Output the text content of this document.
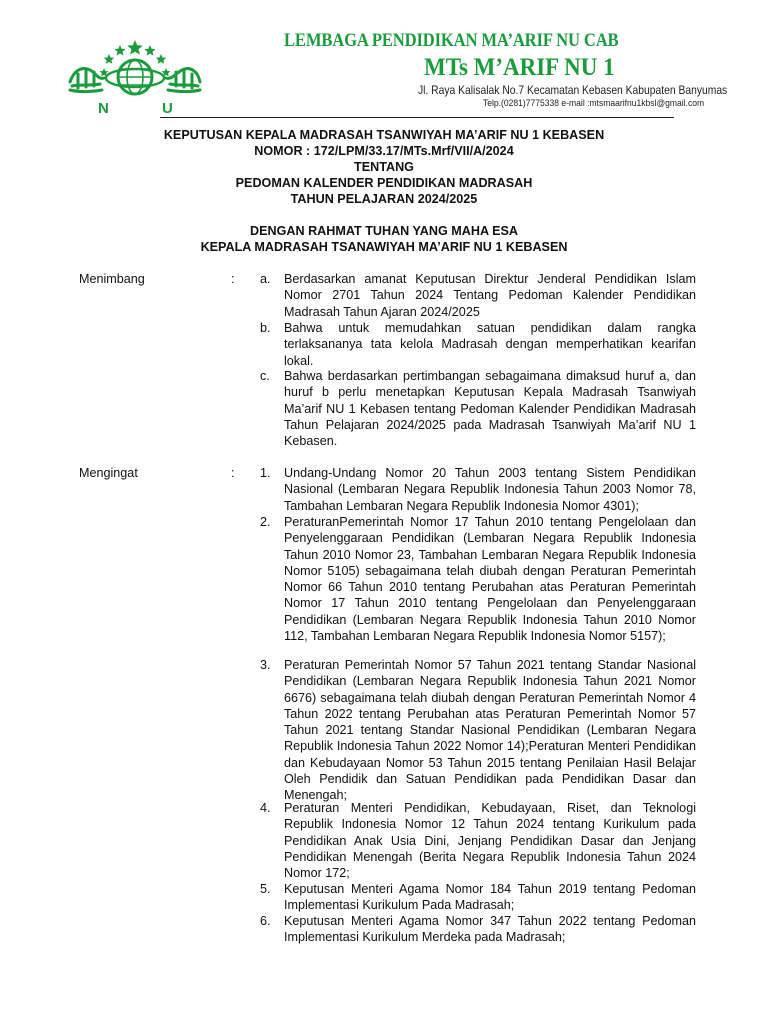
N	U
LEMBAGA PENDIDIKAN MA’ARIF NU CAB
MTs M’ARIF NU 1
Jl. Raya Kalisalak No.7 Kecamatan Kebasen Kabupaten Banyumas
Telp.(0281)7775338 e-mail :mtsmaarifnu1kbsl@gmail.com
KEPUTUSAN KEPALA MADRASAH TSANWIYAH MA’ARIF NU 1 KEBASEN
NOMOR : 172/LPM/33.17/MTs.Mrf/VII/A/2024
TENTANG
PEDOMAN KALENDER PENDIDIKAN MADRASAH
TAHUN PELAJARAN 2024/2025
DENGAN RAHMAT TUHAN YANG MAHA ESA
KEPALA MADRASAH TSANAWIYAH MA’ARIF NU 1 KEBASEN
Menimbang	: a. Berdasarkan amanat Keputusan Direktur Jenderal Pendidikan Islam Nomor 2701 Tahun 2024 Tentang Pedoman Kalender Pendidikan Madrasah Tahun Ajaran 2024/2025
b. Bahwa untuk memudahkan satuan pendidikan dalam rangka terlaksananya tata kelola Madrasah dengan memperhatikan kearifan lokal.
c. Bahwa berdasarkan pertimbangan sebagaimana dimaksud huruf a, dan huruf b perlu menetapkan Keputusan Kepala Madrasah Tsanwiyah Ma’arif NU 1 Kebasen tentang Pedoman Kalender Pendidikan Madrasah Tahun Pelajaran 2024/2025 pada Madrasah Tsanwiyah Ma’arif NU 1 Kebasen.
Mengingat	: 1. Undang-Undang Nomor 20 Tahun 2003 tentang Sistem Pendidikan Nasional (Lembaran Negara Republik Indonesia Tahun 2003 Nomor 78, Tambahan Lembaran Negara Republik Indonesia Nomor 4301);
2. PeraturanPemerintah Nomor 17 Tahun 2010 tentang Pengelolaan dan Penyelenggaraan Pendidikan (Lembaran Negara Republik Indonesia Tahun 2010 Nomor 23, Tambahan Lembaran Negara Republik Indonesia Nomor 5105) sebagaimana telah diubah dengan Peraturan Pemerintah Nomor 66 Tahun 2010 tentang Perubahan atas Peraturan Pemerintah Nomor 17 Tahun 2010 tentang Pengelolaan dan Penyelenggaraan Pendidikan (Lembaran Negara Republik Indonesia Tahun 2010 Nomor 112, Tambahan Lembaran Negara Republik Indonesia Nomor 5157);
3. Peraturan Pemerintah Nomor 57 Tahun 2021 tentang Standar Nasional Pendidikan (Lembaran Negara Republik Indonesia Tahun 2021 Nomor 6676) sebagaimana telah diubah dengan Peraturan Pemerintah Nomor 4 Tahun 2022 tentang Perubahan atas Peraturan Pemerintah Nomor 57 Tahun 2021 tentang Standar Nasional Pendidikan (Lembaran Negara Republik Indonesia Tahun 2022 Nomor 14);Peraturan Menteri Pendidikan dan Kebudayaan Nomor 53 Tahun 2015 tentang Penilaian Hasil Belajar Oleh Pendidik dan Satuan Pendidikan pada Pendidikan Dasar dan Menengah;
4. Peraturan Menteri Pendidikan, Kebudayaan, Riset, dan Teknologi Republik Indonesia Nomor 12 Tahun 2024 tentang Kurikulum pada Pendidikan Anak Usia Dini, Jenjang Pendidikan Dasar dan Jenjang Pendidikan Menengah (Berita Negara Republik Indonesia Tahun 2024 Nomor 172;
5. Keputusan Menteri Agama Nomor 184 Tahun 2019 tentang Pedoman Implementasi Kurikulum Pada Madrasah;
6. Keputusan Menteri Agama Nomor 347 Tahun 2022 tentang Pedoman Implementasi Kurikulum Merdeka pada Madrasah;
